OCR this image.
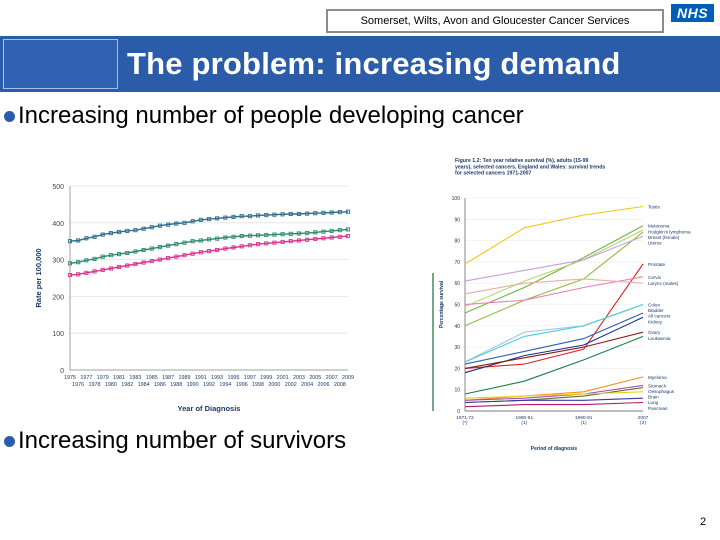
Somerset, Wilts, Avon and Gloucester Cancer Services	NHS
The problem: increasing demand
Increasing number of people developing cancer
0
100
200
300
400
500
1975 1977 1979 1981 1983 1985 1987 1989 1991 1993 1995 1997 1999 2001 2003 2005 2007 2009
1976 1978 1980 1982 1984 1986 1988 1990 1992 1994 1996 1998 2000 2002 2004 2006 2008
Year of Diagnosis
Rate per 100,000
Figure 1.2: Ten year relative survival (%), adults (15-99 years), selected cancers, England and Wales: survival trends for selected cancers 1971-2007
0
10
20
30
40
50
60
70
80
90
100
1971-72
(*)
1980-81
(1)
1990-91
(1)
2007
(2)
Period of diagnosis
Percentage survival
Testis
Melanoma
Hodgkin's lymphoma
Breast (female)
Uterus
Prostate
Cervix
Larynx (males)
Colon
Bladder
All cancers
Kidney
Ovary
Leukaemia
Myeloma
Stomach
Oesophagus
Brain
Lung
Pancreas
Increasing number of survivors
2
